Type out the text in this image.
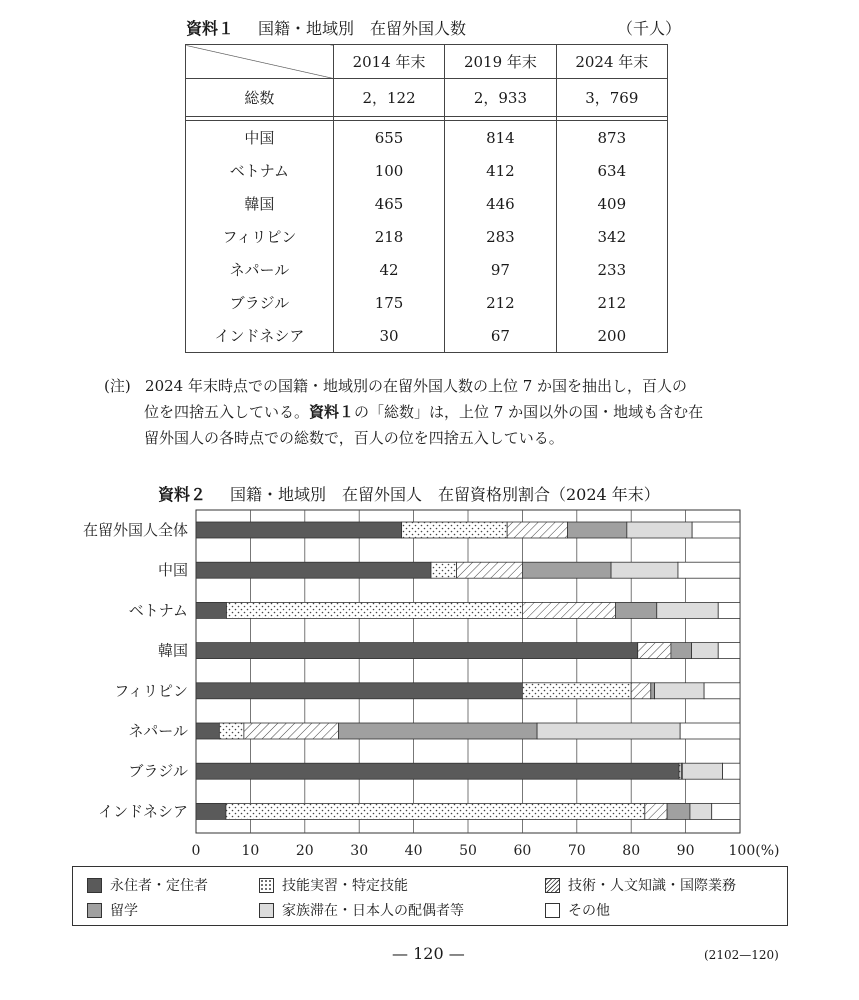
資料１ 国籍・地域別　在留外国人数	（千人）
	2014 年末	2019 年末	2024 年末
総数	2，122	2，933	3，769

中国	655	814	873
ベトナム	100	412	634
韓国	465	446	409
フィリピン	218	283	342
ネパール	42	97	233
ブラジル	175	212	212
インドネシア	30	67	200
(注) 2024 年末時点での国籍・地域別の在留外国人数の上位 7 か国を抽出し，百人の
位を四捨五入している。資料１の「総数」は，上位 7 か国以外の国・地域も含む在
留外国人の各時点での総数で，百人の位を四捨五入している。
資料２ 国籍・地域別　在留外国人　在留資格別割合（2024 年末）
在留外国人全体
中国
ベトナム
韓国
フィリピン
ネパール
ブラジル
インドネシア
0	10	20	30	40	50	60	70	80	90 100(%)
永住者・定住者	技能実習・特定技能	技術・人文知識・国際業務
留学	家族滞在・日本人の配偶者等	その他
— 120 —	(2102—120)
